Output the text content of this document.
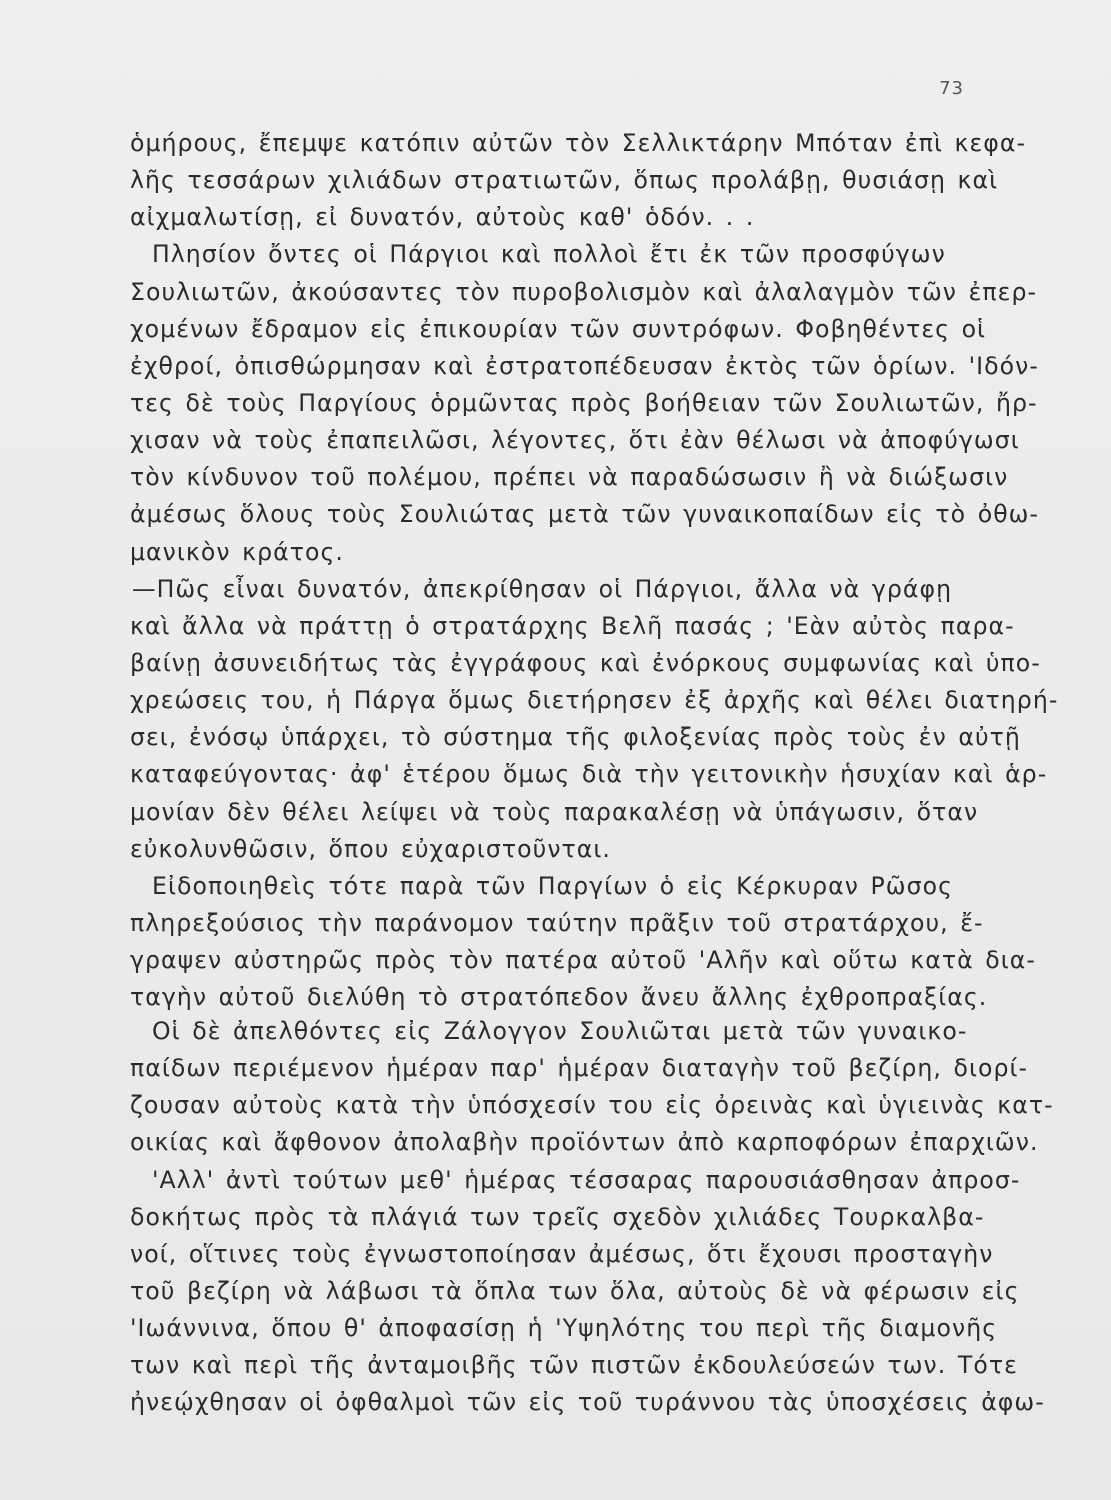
73
ὁμήρους, ἔπεμψε κατόπιν αὐτῶν τὸν Σελλικτάρην Μπόταν ἐπὶ κεφα-
λῆς τεσσάρων χιλιάδων στρατιωτῶν, ὅπως προλάβῃ, θυσιάσῃ καὶ
αἰχμαλωτίσῃ, εἰ δυνατόν, αὐτοὺς καθ' ὁδόν. . .
Πλησίον ὄντες οἱ Πάργιοι καὶ πολλοὶ ἔτι ἐκ τῶν προσφύγων
Σουλιωτῶν, ἀκούσαντες τὸν πυροβολισμὸν καὶ ἀλαλαγμὸν τῶν ἐπερ-
χομένων ἔδραμον εἰς ἐπικουρίαν τῶν συντρόφων. Φοβηθέντες οἱ
ἐχθροί, ὀπισθώρμησαν καὶ ἐστρατοπέδευσαν ἐκτὸς τῶν ὁρίων. 'Ιδόν-
τες δὲ τοὺς Παργίους ὁρμῶντας πρὸς βοήθειαν τῶν Σουλιωτῶν, ἤρ-
χισαν νὰ τοὺς ἐπαπειλῶσι, λέγοντες, ὅτι ἐὰν θέλωσι νὰ ἀποφύγωσι
τὸν κίνδυνον τοῦ πολέμου, πρέπει νὰ παραδώσωσιν ἢ νὰ διώξωσιν
ἀμέσως ὅλους τοὺς Σουλιώτας μετὰ τῶν γυναικοπαίδων εἰς τὸ ὀθω-
μανικὸν κράτος.
—Πῶς εἶναι δυνατόν, ἀπεκρίθησαν οἱ Πάργιοι, ἄλλα νὰ γράφῃ
καὶ ἄλλα νὰ πράττῃ ὁ στρατάρχης Βελῆ πασάς ; 'Εὰν αὐτὸς παρα-
βαίνῃ ἀσυνειδήτως τὰς ἐγγράφους καὶ ἐνόρκους συμφωνίας καὶ ὑπο-
χρεώσεις του, ἡ Πάργα ὅμως διετήρησεν ἐξ ἀρχῆς καὶ θέλει διατηρή-
σει, ἐνόσῳ ὑπάρχει, τὸ σύστημα τῆς φιλοξενίας πρὸς τοὺς ἐν αὐτῇ
καταφεύγοντας· ἀφ' ἑτέρου ὅμως διὰ τὴν γειτονικὴν ἡσυχίαν καὶ ἁρ-
μονίαν δὲν θέλει λείψει νὰ τοὺς παρακαλέσῃ νὰ ὑπάγωσιν, ὅταν
εὐκολυνθῶσιν, ὅπου εὐχαριστοῦνται.
Εἰδοποιηθεὶς τότε παρὰ τῶν Παργίων ὁ εἰς Κέρκυραν Ρῶσος
πληρεξούσιος τὴν παράνομον ταύτην πρᾶξιν τοῦ στρατάρχου, ἔ-
γραψεν αὐστηρῶς πρὸς τὸν πατέρα αὐτοῦ 'Αλῆν καὶ οὕτω κατὰ δια-
ταγὴν αὐτοῦ διελύθη τὸ στρατόπεδον ἄνευ ἄλλης ἐχθροπραξίας.
Οἱ δὲ ἀπελθόντες εἰς Ζάλογγον Σουλιῶται μετὰ τῶν γυναικο-
παίδων περιέμενον ἡμέραν παρ' ἡμέραν διαταγὴν τοῦ βεζίρη, διορί-
ζουσαν αὐτοὺς κατὰ τὴν ὑπόσχεσίν του εἰς ὀρεινὰς καὶ ὑγιεινὰς κατ-
οικίας καὶ ἄφθονον ἀπολαβὴν προϊόντων ἀπὸ καρποφόρων ἐπαρχιῶν.
'Αλλ' ἀντὶ τούτων μεθ' ἡμέρας τέσσαρας παρουσιάσθησαν ἀπροσ-
δοκήτως πρὸς τὰ πλάγιά των τρεῖς σχεδὸν χιλιάδες Τουρκαλβα-
νοί, οἵτινες τοὺς ἐγνωστοποίησαν ἀμέσως, ὅτι ἔχουσι προσταγὴν
τοῦ βεζίρη νὰ λάβωσι τὰ ὅπλα των ὅλα, αὐτοὺς δὲ νὰ φέρωσιν εἰς
'Ιωάννινα, ὅπου θ' ἀποφασίσῃ ἡ 'Υψηλότης του περὶ τῆς διαμονῆς
των καὶ περὶ τῆς ἀνταμοιβῆς τῶν πιστῶν ἐκδουλεύσεών των. Τότε
ἠνεῴχθησαν οἱ ὀφθαλμοὶ τῶν εἰς τοῦ τυράννου τὰς ὑποσχέσεις ἀφω-
